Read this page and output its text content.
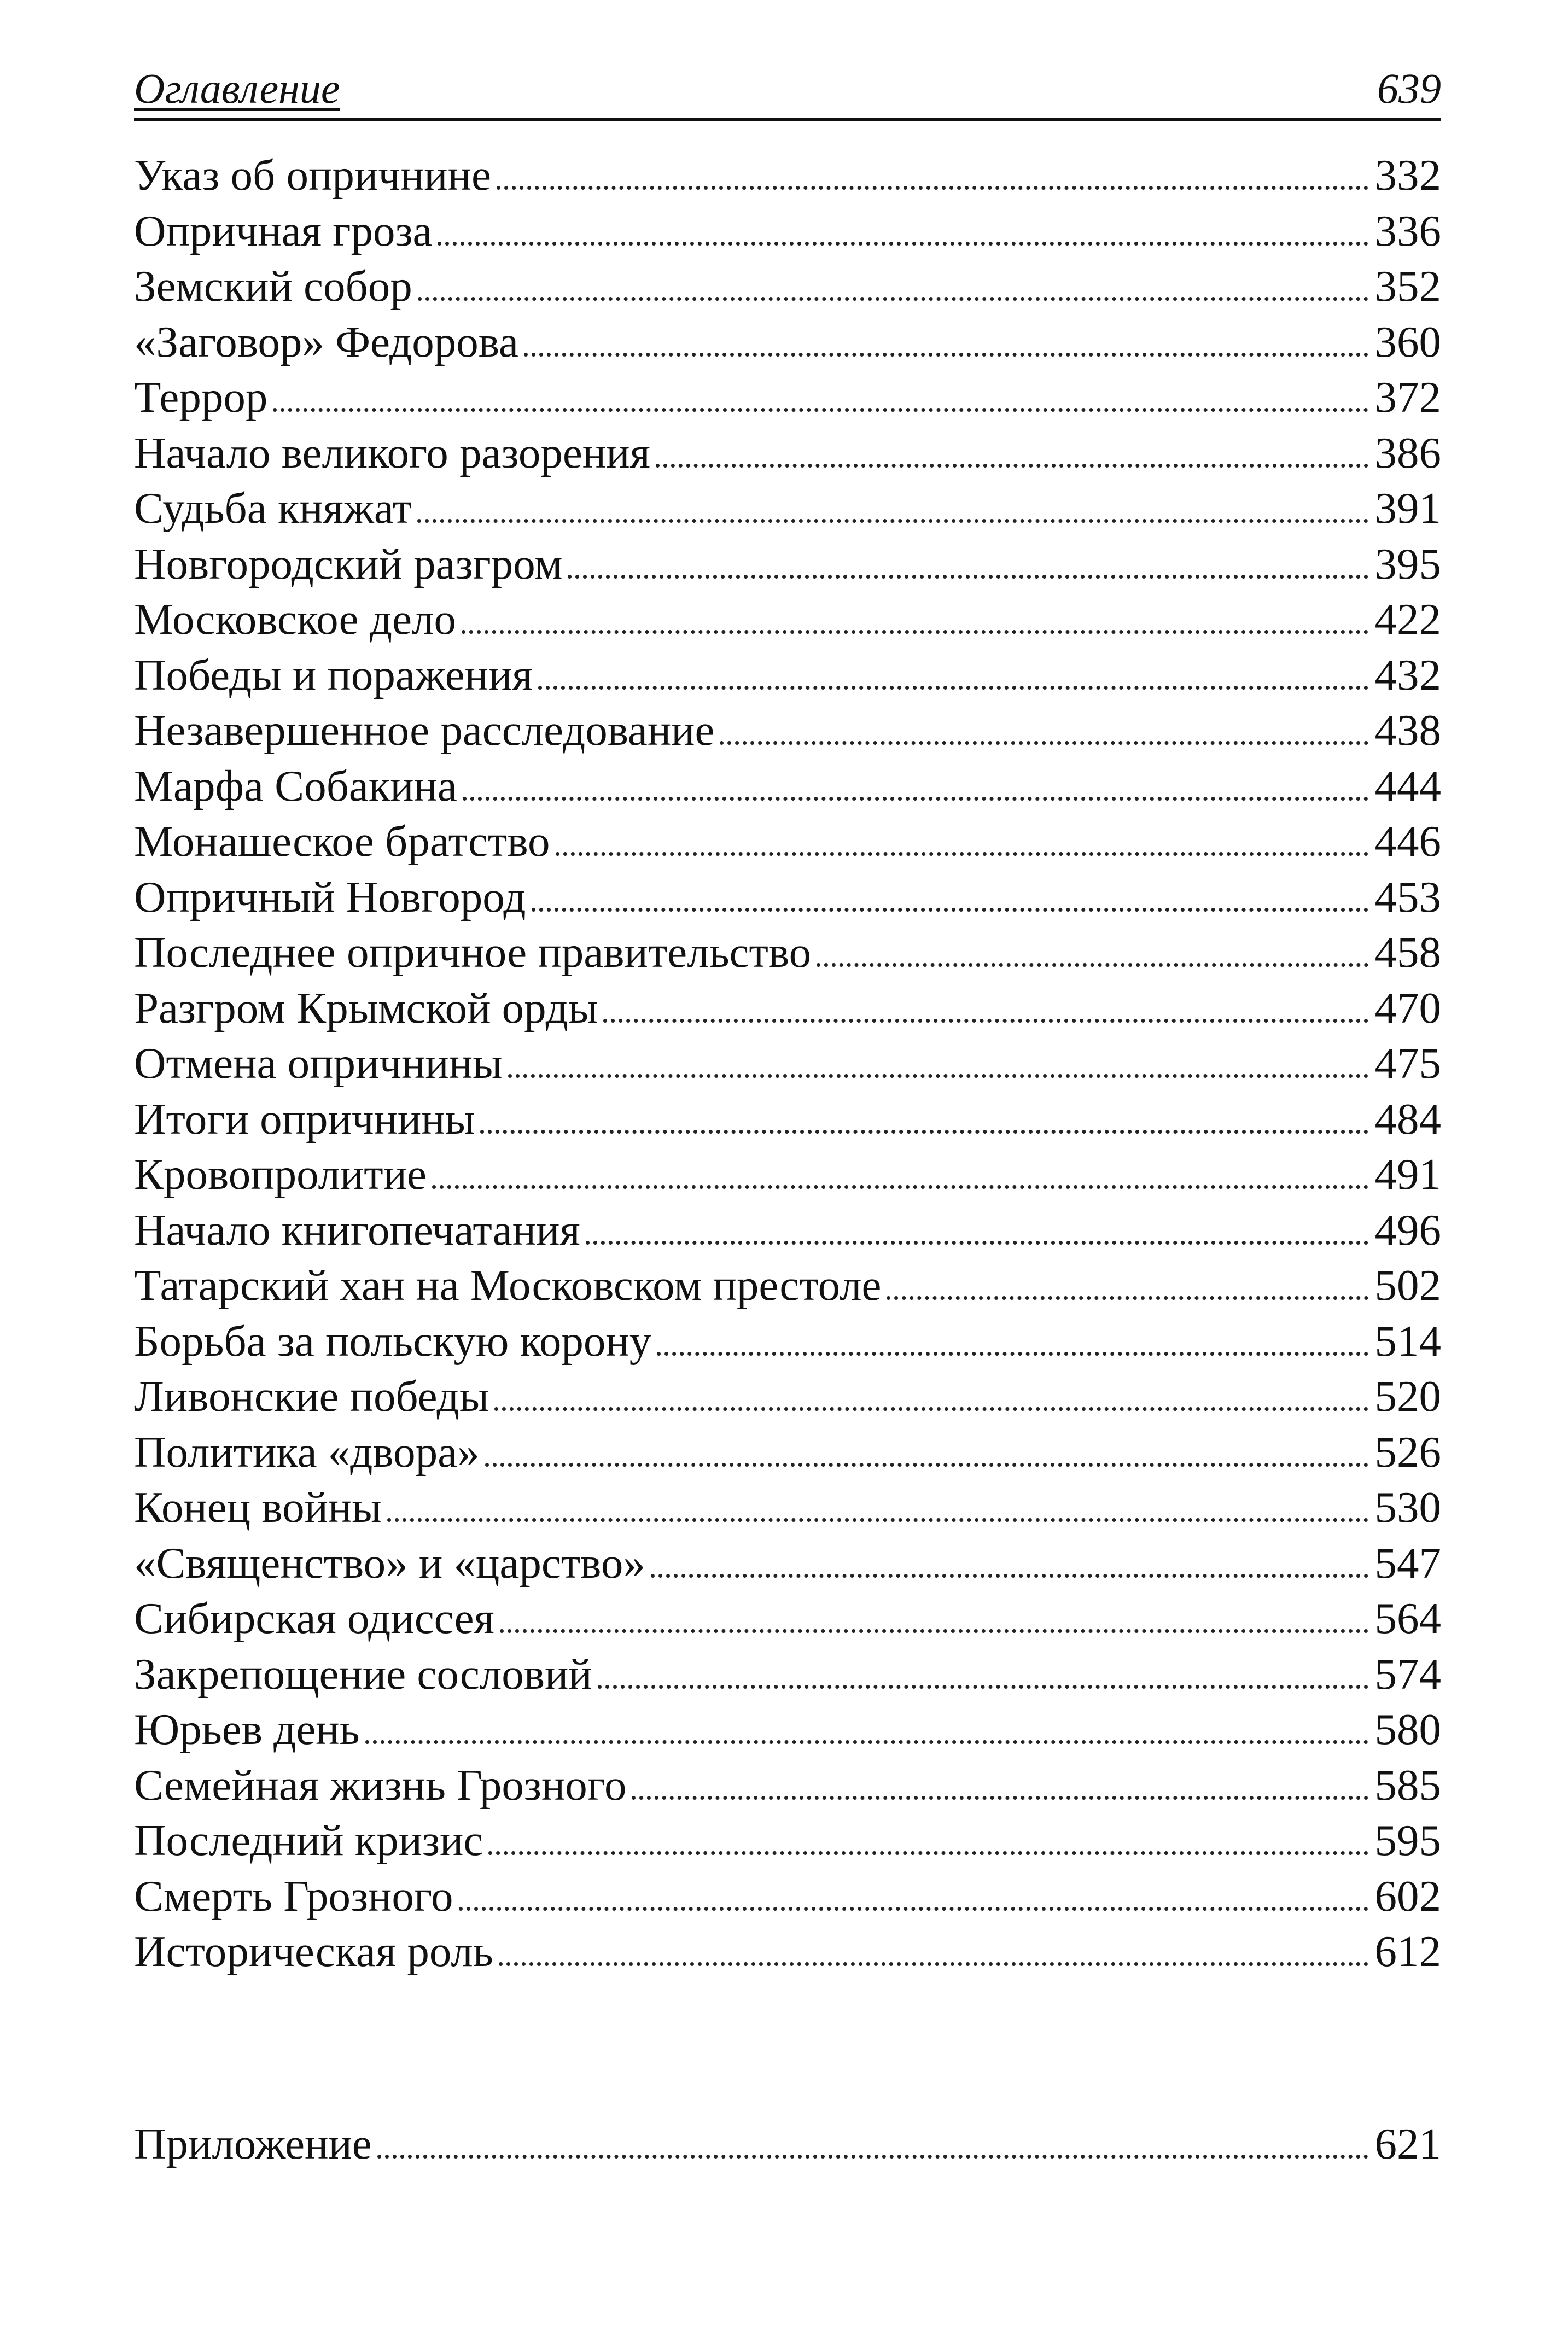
Оглавление	639
Указ об опричнине	332
Опричная гроза	336
Земский собор	352
«Заговор» Федорова	360
Террор	372
Начало великого разорения	386
Судьба княжат	391
Новгородский разгром	395
Московское дело	422
Победы и поражения	432
Незавершенное расследование	438
Марфа Собакина	444
Монашеское братство	446
Опричный Новгород	453
Последнее опричное правительство	458
Разгром Крымской орды	470
Отмена опричнины	475
Итоги опричнины	484
Кровопролитие	491
Начало книгопечатания	496
Татарский хан на Московском престоле	502
Борьба за польскую корону	514
Ливонские победы	520
Политика «двора»	526
Конец войны	530
«Священство» и «царство»	547
Сибирская одиссея	564
Закрепощение сословий	574
Юрьев день	580
Семейная жизнь Грозного	585
Последний кризис	595
Смерть Грозного	602
Историческая роль	612
Приложение	621
